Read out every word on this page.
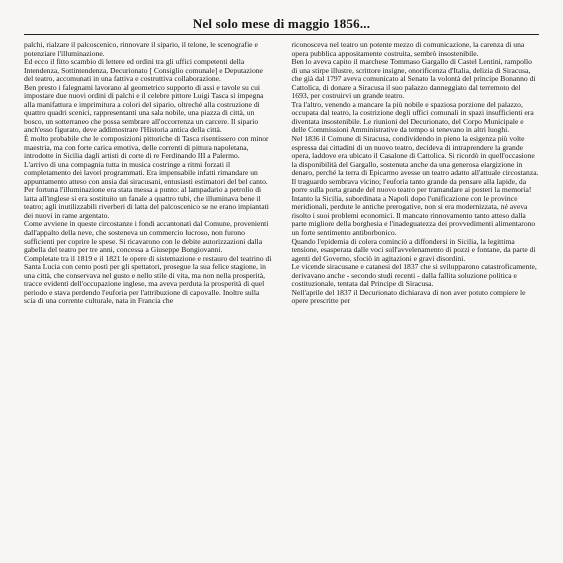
Nel solo mese di maggio 1856...

palchi, rialzare il palcoscenico, rinnovare il sipario, il telone, le scenografie e potenziare l'illuminazione.

Ed ecco il fitto scambio di lettere ed ordini tra gli uffici competenti della Intendenza, Sottintendenza, Decurionato [ Consiglio comunale] e Deputazione del teatro, accomunati in una fattiva e costruttiva collaborazione.

Ben presto i falegnami lavorano al geometrico supporto di assi e tavole su cui impostare due nuovi ordini di palchi e il celebre pittore Luigi Tasca si impegna alla manifattura e imprimitura a colori del sipario, oltreché alla costruzione di quattro quadri scenici, rappresentanti una sala nobile, una piazza di città, un bosco, un sotterraneo che possa sembrare all'occorrenza un carcere. Il sipario anch'esso figurato, deve addimostrare l'Historia antica della città.

È molto probabile che le composizioni pittoriche di Tasca risentissero con minor maestria, ma con forte carica emotiva, delle correnti di pittura napoletana, introdotte in Sicilia dagli artisti di corte di re Ferdinando III a Palermo.

L'arrivo di una compagnia tutta in musica costringe a ritmi forzati il completamento dei lavori programmati. Era impensabile infatti rimandare un appuntamento atteso con ansia dai siracusani, entusiasti estimatori del bel canto.

Per fortuna l'illuminazione era stata messa a punto: al lampadario a petrolio di latta all'inglese si era sostituito un fanale a quattro tubi, che illuminava bene il teatro; agli inutilizzabili riverberi di latta del palcoscenico se ne erano impiantati dei nuovi in rame argentato.

Come avviene in queste circostanze i fondi accantonati dal Comune, provenienti dall'appalto della neve, che sosteneva un commercio lucroso, non furono sufficienti per coprire le spese. Si ricavarono con le debite autorizzazioni dalla gabella del teatro per tre anni, concessa a Giuseppe Bongiovanni.

Completate tra il 1819 e il 1821 le opere di sistemazione e restauro del teatrino di Santa Lucia con cento posti per gli spettatori, prosegue la sua felice stagione, in una città, che conservava nel gusto e nello stile di vita, ma non nella prosperità, tracce evidenti dell'occupazione inglese, ma aveva perduta la prosperità di quel periodo e stava perdendo l'euforia per l'attribuzione di capovalle. Inoltre sulla scia di una corrente culturale, nata in Francia che

riconosceva nel teatro un potente mezzo di comunicazione, la carenza di una opera pubblica appositamente costruita, sembrò insostenibile.

Ben lo aveva capito il marchese Tommaso Gargallo di Castel Lentini, rampollo di una stirpe illustre, scrittore insigne, onorificenza d'Italia, delizia di Siracusa, che già dal 1797 aveva comunicato al Senato la volontà del principe Bonanno di Cattolica, di donare a Siracusa il suo palazzo danneggiato dal terremoto del 1693, per costruirvi un grande teatro.

Tra l'altro, venendo a mancare la più nobile e spaziosa porzione del palazzo, occupata dal teatro, la costrizione degli uffici comunali in spazi insufficienti era diventata insostenibile. Le riunioni del Decurionato, del Corpo Municipale e delle Commissioni Amministrative da tempo si tenevano in altri luoghi.

Nel 1836 il Comune di Siracusa, condividendo in pieno la esigenza più volte espressa dai cittadini di un nuovo teatro, decideva di intraprendere la grande opera, laddove era ubicato il Casalone di Cattolica. Si ricordò in quell'occasione la disponibilità del Gargallo, sostenuta anche da una generosa elargizione in denaro, perché la terra di Epicarmo avesse un teatro adatto all'attuale circostanza.

Il traguardo sembrava vicino; l'euforia tanto grande da pensare alla lapide, da porre sulla porta grande del nuovo teatro per tramandare ai posteri la memoria!

Intanto la Sicilia, subordinata a Napoli dopo l'unificazione con le province meridionali, perdute le antiche prerogative, non si era modernizzata, né aveva risolto i suoi problemi economici. Il mancato rinnovamento tanto atteso dalla parte migliore della borghesia e l'inadeguatezza dei provvedimenti alimentarono un forte sentimento antiborbonico.

Quando l'epidemia di colera cominciò a diffondersi in Sicilia, la legittima tensione, esasperata dalle voci sull'avvelenamento di pozzi e fontane, da parte di agenti del Governo, sfociò in agitazioni e gravi disordini.

Le vicende siracusane e catanesi del 1837 che si svilupparono catastroficamente, derivavano anche - secondo studi recenti - dalla fallita soluzione politica e costituzionale, tentata dal Principe di Siracusa.

Nell'aprile del 1837 il Decurionato dichiarava di non aver potuto compiere le opere prescritte per
